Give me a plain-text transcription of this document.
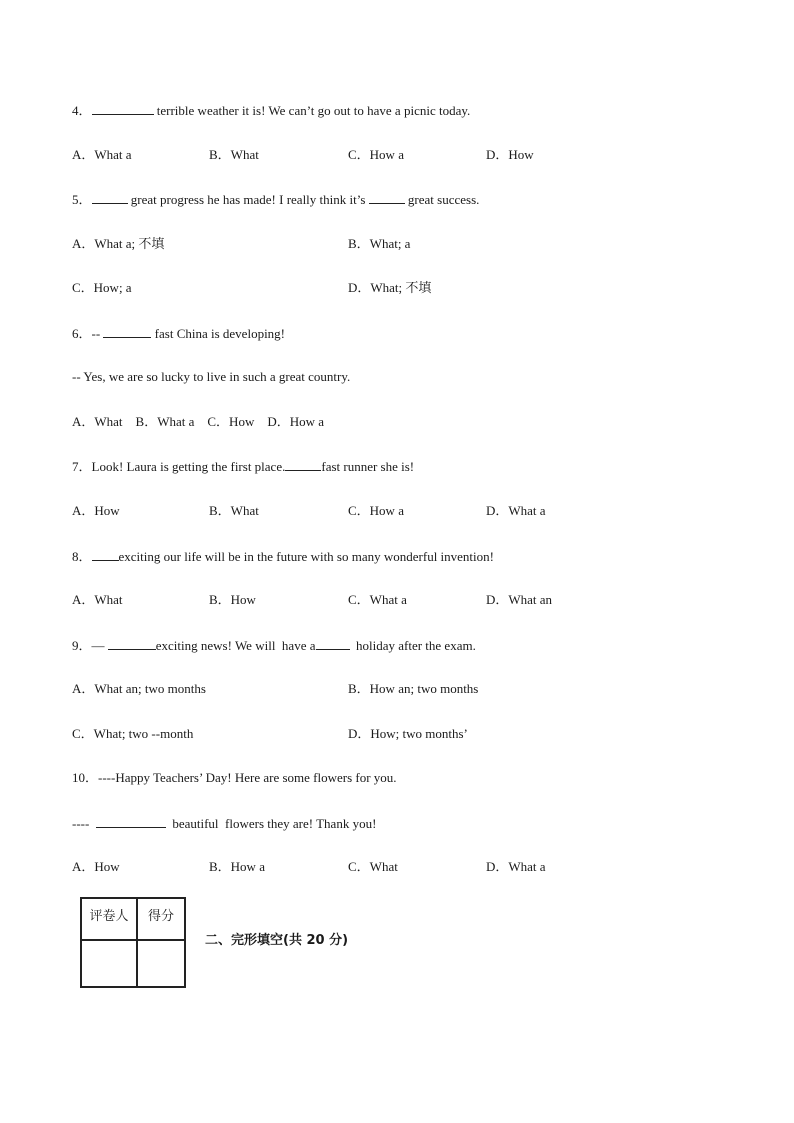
4．	terrible weather it is! We can’t go out to have a picnic today.
A．What a	B．What	C．How a	D．How
5．	great progress he has made! I really think it’s	great success.
A．What a; 不填	B．What; a
C．How; a	D．What; 不填
6．--	fast China is developing!
-- Yes, we are so lucky to live in such a great country.
A．What    B．What a    C．How    D．How a
7．Look! Laura is getting the first place.	fast runner she is!
A．How	B．What	C．How a	D．What a
8． exciting our life will be in the future with so many wonderful invention!
A．What	B．How	C．What a	D．What an
9．—	exciting news! We will  have a	holiday after the exam.
A．What an; two months	B．How an; two months
C．What; two --month	D．How; two months’
10．----Happy Teachers’ Day! Here are some flowers for you.
----	beautiful  flowers they are! Thank you!
A．How	B．How a	C．What	D．What a
评卷人	得分

二、完形填空(共 20 分)
